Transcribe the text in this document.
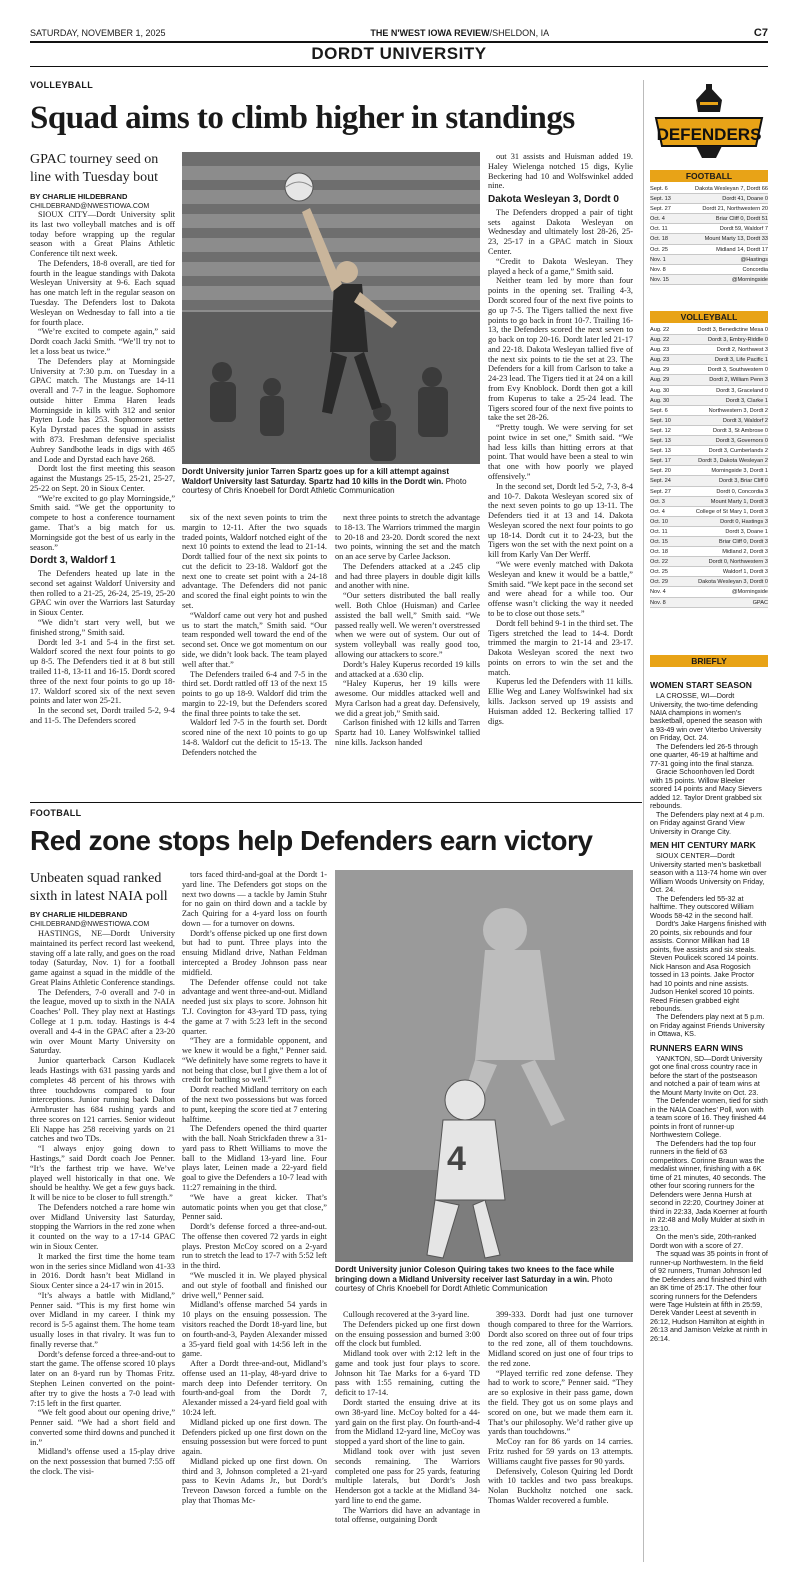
SATURDAY, NOVEMBER 1, 2025	THE N'WEST IOWA REVIEW/SHELDON, IA	C7
DORDT UNIVERSITY
VOLLEYBALL
Squad aims to climb higher in standings
GPAC tourney seed on line with Tuesday bout
BY CHARLIE HILDEBRAND
CHILDEBRAND@NWESTIOWA.COM

SIOUX CITY—Dordt University split its last two volleyball matches and is off today before wrapping up the regular season with a Great Plains Athletic Conference tilt next week.

The Defenders, 18-8 overall, are tied for fourth in the league standings with Dakota Wesleyan University at 9-6. Each squad has one match left in the regular season on Tuesday. The Defenders lost to Dakota Wesleyan on Wednesday to fall into a tie for fourth place.

“We’re excited to compete again,” said Dordt coach Jacki Smith. “We’ll try not to let a loss beat us twice.”

The Defenders play at Morningside University at 7:30 p.m. on Tuesday in a GPAC match. The Mustangs are 14-11 overall and 7-7 in the league. Sophomore outside hitter Emma Haren leads Morningside in kills with 312 and senior Payten Lode has 253. Sophomore setter Kyla Dyrstad paces the squad in assists with 873. Freshman defensive specialist Aubrey Sandbothe leads in digs with 465 and Lode and Dyrstad each have 268.

Dordt lost the first meeting this season against the Mustangs 25-15, 25-21, 25-27, 25-22 on Sept. 20 in Sioux Center.

“We’re excited to go play Morningside,” Smith said. “We get the opportunity to compete to host a conference tournament game. That’s a big match for us. Morningside got the best of us early in the season.”

Dordt 3, Waldorf 1

The Defenders heated up late in the second set against Waldorf University and then rolled to a 21-25, 26-24, 25-19, 25-20 GPAC win over the Warriors last Saturday in Sioux Center.

“We didn’t start very well, but we finished strong,” Smith said.

Dordt led 3-1 and 5-4 in the first set. Waldorf scored the next four points to go up 8-5. The Defenders tied it at 8 but still trailed 11-8, 13-11 and 16-15. Dordt scored three of the next four points to go up 18-17. Waldorf scored six of the next seven points and later won 25-21.

In the second set, Dordt trailed 5-2, 9-4 and 11-5. The Defenders scored

Dordt University junior Tarren Spartz goes up for a kill attempt against Waldorf University last Saturday. Spartz had 10 kills in the Dordt win. Photo courtesy of Chris Knoebell for Dordt Athletic Communication

six of the next seven points to trim the margin to 12-11. After the two squads traded points, Waldorf notched eight of the next 10 points to extend the lead to 21-14. Dordt tallied four of the next six points to cut the deficit to 23-18. Waldorf got the next one to create set point with a 24-18 advantage. The Defenders did not panic and scored the final eight points to win the set.

“Waldorf came out very hot and pushed us to start the match,” Smith said. “Our team responded well toward the end of the second set. Once we got momentum on our side, we didn’t look back. The team played well after that.”

The Defenders trailed 6-4 and 7-5 in the third set. Dordt rattled off 13 of the next 15 points to go up 18-9. Waldorf did trim the margin to 22-19, but the Defenders scored the final three points to take the set.

Waldorf led 7-5 in the fourth set. Dordt scored nine of the next 10 points to go up 14-8. Waldorf cut the deficit to 15-13. The Defenders notched the

next three points to stretch the advantage to 18-13. The Warriors trimmed the margin to 20-18 and 23-20. Dordt scored the next two points, winning the set and the match on an ace serve by Carlee Jackson.

The Defenders attacked at a .245 clip and had three players in double digit kills and another with nine.

“Our setters distributed the ball really well. Both Chloe (Huisman) and Carlee assisted the ball well,” Smith said. “We passed really well. We weren’t overstressed when we were out of system. Our out of system volleyball was really good too, allowing our attackers to score.”

Dordt’s Haley Kuperus recorded 19 kills and attacked at a .630 clip.

“Haley Kuperus, her 19 kills were awesome. Our middles attacked well and Myra Carlson had a great day. Defensively, we did a great job,” Smith said.

Carlson finished with 12 kills and Tarren Spartz had 10. Laney Wolfswinkel tallied nine kills. Jackson handed

out 31 assists and Huisman added 19. Haley Wielenga notched 15 digs, Kylie Beckering had 10 and Wolfswinkel added nine.

Dakota Wesleyan 3, Dordt 0

The Defenders dropped a pair of tight sets against Dakota Wesleyan on Wednesday and ultimately lost 28-26, 25-23, 25-17 in a GPAC match in Sioux Center.

“Credit to Dakota Wesleyan. They played a heck of a game,” Smith said.

Neither team led by more than four points in the opening set. Trailing 4-3, Dordt scored four of the next five points to go up 7-5. The Tigers tallied the next five points to go back in front 10-7. Trailing 16-13, the Defenders scored the next seven to go back on top 20-16. Dordt later led 21-17 and 22-18. Dakota Wesleyan tallied five of the next six points to tie the set at 23. The Defenders for a kill from Carlson to take a 24-23 lead. The Tigers tied it at 24 on a kill from Evy Knoblock. Dordt then got a kill from Kuperus to take a 25-24 lead. The Tigers scored four of the next five points to take the set 28-26.

“Pretty tough. We were serving for set point twice in set one,” Smith said. “We had less kills than hitting errors at that point. That would have been a steal to win that one with how poorly we played offensively.”

In the second set, Dordt led 5-2, 7-3, 8-4 and 10-7. Dakota Wesleyan scored six of the next seven points to go up 13-11. The Defenders tied it at 13 and 14. Dakota Wesleyan scored the next four points to go up 18-14. Dordt cut it to 24-23, but the Tigers won the set with the next point on a kill from Karly Van Der Werff.

“We were evenly matched with Dakota Wesleyan and knew it would be a battle,” Smith said. “We kept pace in the second set and were ahead for a while too. Our offense wasn’t clicking the way it needed to be to close out those sets.”

Dordt fell behind 9-1 in the third set. The Tigers stretched the lead to 14-4. Dordt trimmed the margin to 21-14 and 23-17. Dakota Wesleyan scored the next two points on errors to win the set and the match.

Kuperus led the Defenders with 11 kills. Ellie Weg and Laney Wolfswinkel had six kills. Jackson served up 19 assists and Huisman added 12. Beckering tallied 17 digs.

FOOTBALL
Red zone stops help Defenders earn victory
Unbeaten squad ranked sixth in latest NAIA poll
BY CHARLIE HILDEBRAND
CHILDEBRAND@NWESTIOWA.COM

HASTINGS, NE—Dordt University maintained its perfect record last weekend, staving off a late rally, and goes on the road today (Saturday, Nov. 1) for a football game against a squad in the middle of the Great Plains Athletic Conference standings.

The Defenders, 7-0 overall and 7-0 in the league, moved up to sixth in the NAIA Coaches’ Poll. They play next at Hastings College at 1 p.m. today. Hastings is 4-4 overall and 4-4 in the GPAC after a 23-20 win over Mount Marty University on Saturday.

Junior quarterback Carson Kudlacek leads Hastings with 631 passing yards and completes 48 percent of his throws with three touchdowns compared to four interceptions. Junior running back Dalton Armbruster has 684 rushing yards and three scores on 121 carries. Senior wideout Eli Nappe has 258 receiving yards on 21 catches and two TDs.

“I always enjoy going down to Hastings,” said Dordt coach Joe Penner. “It’s the farthest trip we have. We’ve played well historically in that one. We should be healthy. We get a few guys back. It will be nice to be closer to full strength.”

The Defenders notched a rare home win over Midland University last Saturday, stopping the Warriors in the red zone when it counted on the way to a 17-14 GPAC win in Sioux Center.

It marked the first time the home team won in the series since Midland won 41-33 in 2016. Dordt hasn’t beat Midland in Sioux Center since a 24-17 win in 2015.

“It’s always a battle with Midland,” Penner said. “This is my first home win over Midland in my career. I think my record is 5-5 against them. The home team usually loses in that rivalry. It was fun to finally reverse that.”

Dordt’s defense forced a three-and-out to start the game. The offense scored 10 plays later on an 8-yard run by Thomas Fritz. Stephen Leinen converted on the point-after try to give the hosts a 7-0 lead with 7:15 left in the first quarter.

“We felt good about our opening drive,” Penner said. “We had a short field and converted some third downs and punched it in.”

Midland’s offense used a 15-play drive on the next possession that burned 7:55 off the clock. The visi-

tors faced third-and-goal at the Dordt 1-yard line. The Defenders got stops on the next two downs — a tackle by Jamin Stuhr for no gain on third down and a tackle by Zach Quiring for a 4-yard loss on fourth down — for a turnover on downs.

Dordt’s offense picked up one first down but had to punt. Three plays into the ensuing Midland drive, Nathan Feldman intercepted a Brodey Johnson pass near midfield.

The Defender offense could not take advantage and went three-and-out. Midland needed just six plays to score. Johnson hit T.J. Covington for 43-yard TD pass, tying the game at 7 with 5:23 left in the second quarter.

“They are a formidable opponent, and we knew it would be a fight,” Penner said. “We definitely have some regrets to have it not being that close, but I give them a lot of credit for battling so well.”

Dordt reached Midland territory on each of the next two possessions but was forced to punt, keeping the score tied at 7 entering halftime.

The Defenders opened the third quarter with the ball. Noah Strickfaden threw a 31-yard pass to Rhett Williams to move the ball to the Midland 13-yard line. Four plays later, Leinen made a 22-yard field goal to give the Defenders a 10-7 lead with 11:27 remaining in the third.

“We have a great kicker. That’s automatic points when you get that close,” Penner said.

Dordt’s defense forced a three-and-out. The offense then covered 72 yards in eight plays. Preston McCoy scored on a 2-yard run to stretch the lead to 17-7 with 5:52 left in the third.

“We muscled it in. We played physical and out style of football and finished our drive well,” Penner said.

Midland’s offense marched 54 yards in 10 plays on the ensuing possession. The visitors reached the Dordt 18-yard line, but on fourth-and-3, Payden Alexander missed a 35-yard field goal with 14:56 left in the game.

After a Dordt three-and-out, Midland’s offense used an 11-play, 48-yard drive to march deep into Defender territory. On fourth-and-goal from the Dordt 7, Alexander missed a 24-yard field goal with 10:24 left.

Midland picked up one first down. The Defenders picked up one first down on the ensuing possession but were forced to punt again.

Midland picked up one first down. On third and 3, Johnson completed a 21-yard pass to Kevin Adams Jr., but Dordt’s Treveon Dawson forced a fumble on the play that Thomas Mc-

4
Dordt University junior Coleson Quiring takes two knees to the face while bringing down a Midland University receiver last Saturday in a win. Photo courtesy of Chris Knoebell for Dordt Athletic Communication

Cullough recovered at the 3-yard line.

The Defenders picked up one first down on the ensuing possession and burned 3:00 off the clock but fumbled.

Midland took over with 2:12 left in the game and took just four plays to score. Johnson hit Tae Marks for a 6-yard TD pass with 1:55 remaining, cutting the deficit to 17-14.

Dordt started the ensuing drive at its own 38-yard line. McCoy bolted for a 44-yard gain on the first play. On fourth-and-4 from the Midland 12-yard line, McCoy was stopped a yard short of the line to gain.

Midland took over with just seven seconds remaining. The Warriors completed one pass for 25 yards, featuring multiple laterals, but Dordt’s Josh Henderson got a tackle at the Midland 34-yard line to end the game.

The Warriors did have an advantage in total offense, outgaining Dordt

399-333. Dordt had just one turnover though compared to three for the Warriors. Dordt also scored on three out of four trips to the red zone, all of them touchdowns. Midland scored on just one of four trips to the red zone.

“Played terrific red zone defense. They had to work to score,” Penner said. “They are so explosive in their pass game, down the field. They got us on some plays and scored on one, but we made them earn it. That’s our philosophy. We’d rather give up yards than touchdowns.”

McCoy ran for 86 yards on 14 carries. Fritz rushed for 59 yards on 13 attempts. Williams caught five passes for 90 yards.

Defensively, Coleson Quiring led Dordt with 10 tackles and two pass breakups. Nolan Buckholtz notched one sack. Thomas Walder recovered a fumble.

DEFENDERS
FOOTBALL
Sept. 6	Dakota Wesleyan 7, Dordt 66
Sept. 13	Dordt 41, Doane 0
Sept. 27	Dordt 21, Northwestern 20
Oct. 4	Briar Cliff 0, Dordt 51
Oct. 11	Dordt 59, Waldorf 7
Oct. 18	Mount Marty 13, Dordt 33
Oct. 25	Midland 14, Dordt 17
Nov. 1	@Hastings
Nov. 8	Concordia
Nov. 15	@Morningside
VOLLEYBALL
Aug. 22	Dordt 3, Benedictine Mesa 0
Aug. 22	Dordt 3, Embry-Riddle 0
Aug. 23	Dordt 2, Northwest 3
Aug. 23	Dordt 3, Life Pacific 1
Aug. 29	Dordt 3, Southwestern 0
Aug. 29	Dordt 2, William Penn 3
Aug. 30	Dordt 3, Graceland 0
Aug. 30	Dordt 3, Clarke 1
Sept. 6	Northwestern 3, Dordt 2
Sept. 10	Dordt 3, Waldorf 2
Sept. 12	Dordt 3, St Ambrose 0
Sept. 13	Dordt 3, Governors 0
Sept. 13	Dordt 3, Cumberlands 2
Sept. 17	Dordt 3, Dakota Wesleyan 2
Sept. 20	Morningside 3, Dordt 1
Sept. 24	Dordt 3, Briar Cliff 0
Sept. 27	Dordt 0, Concordia 3
Oct. 3	Mount Marty 1, Dordt 3
Oct. 4	College of St Mary 1, Dordt 3
Oct. 10	Dordt 0, Hastings 3
Oct. 11	Dordt 3, Doane 1
Oct. 15	Briar Cliff 0, Dordt 3
Oct. 18	Midland 2, Dordt 3
Oct. 22	Dordt 0, Northwestern 3
Oct. 25	Waldorf 1, Dordt 3
Oct. 29	Dakota Wesleyan 3, Dordt 0
Nov. 4	@Morningside
Nov. 8	GPAC
BRIEFLY
WOMEN START SEASON

LA CROSSE, WI—Dordt University, the two-time defending NAIA champions in women’s basketball, opened the season with a 93-49 win over Viterbo University on Friday, Oct. 24.

The Defenders led 26-5 through one quarter, 46-19 at halftime and 77-31 going into the final stanza.

Gracie Schoonhoven led Dordt with 15 points. Willow Bleeker scored 14 points and Macy Sievers added 12. Taylor Drent grabbed six rebounds.

The Defenders play next at 4 p.m. on Friday against Grand View University in Orange City.

MEN HIT CENTURY MARK

SIOUX CENTER—Dordt University started men’s basketball season with a 113-74 home win over William Woods University on Friday, Oct. 24.

The Defenders led 55-32 at halftime. They outscored William Woods 58-42 in the second half.

Dordt’s Jake Hargens finished with 20 points, six rebounds and four assists. Connor Millikan had 18 points, five assists and six steals. Steven Poulicek scored 14 points. Nick Hanson and Asa Rogosich tossed in 13 points. Jake Proctor had 10 points and nine assists. Judson Henkel scored 10 points. Reed Friesen grabbed eight rebounds.

The Defenders play next at 5 p.m. on Friday against Friends University in Ottawa, KS.

RUNNERS EARN WINS

YANKTON, SD—Dordt University got one final cross country race in before the start of the postseason and notched a pair of team wins at the Mount Marty Invite on Oct. 23.

The Defender women, tied for sixth in the NAIA Coaches’ Poll, won with a team score of 16. They finished 44 points in front of runner-up Northwestern College.

The Defenders had the top four runners in the field of 63 competitors. Corinne Braun was the medalist winner, finishing with a 6K time of 21 minutes, 40 seconds. The other four scoring runners for the Defenders were Jenna Hursh at second in 22:20, Courtney Joiner at third in 22:33, Jada Koerner at fourth in 22:48 and Molly Mulder at sixth in 23:10.

On the men’s side, 20th-ranked Dordt won with a score of 27.

The squad was 35 points in front of runner-up Northwestern. In the field of 92 runners, Truman Johnson led the Defenders and finished third with an 8K time of 25:17. The other four scoring runners for the Defenders were Tage Hulstein at fifth in 25:59, Derek Vander Leest at seventh in 26:12, Hudson Hamilton at eighth in 26:13 and Jamison Velzke at ninth in 26:14.
